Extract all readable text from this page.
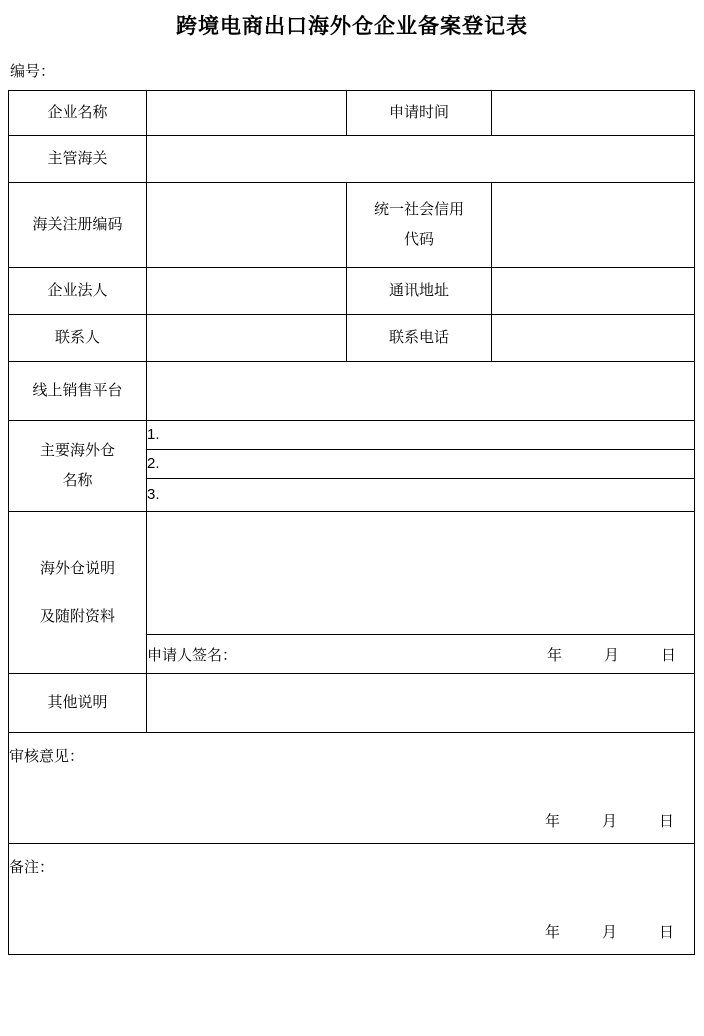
跨境电商出口海外仓企业备案登记表
编号：
企业名称		申请时间	
主管海关			
海关注册编码		统一社会信用
代码	

企业法人		通讯地址	
联系人		联系电话	
线上销售平台			

主要海外仓
名称	1.		
	2.		
	3.		

海外仓说明
及随附资料			

	申请人签名： 年 月 日		

其他说明			

审核意见：
年 月 日			

备注：
年 月 日			
